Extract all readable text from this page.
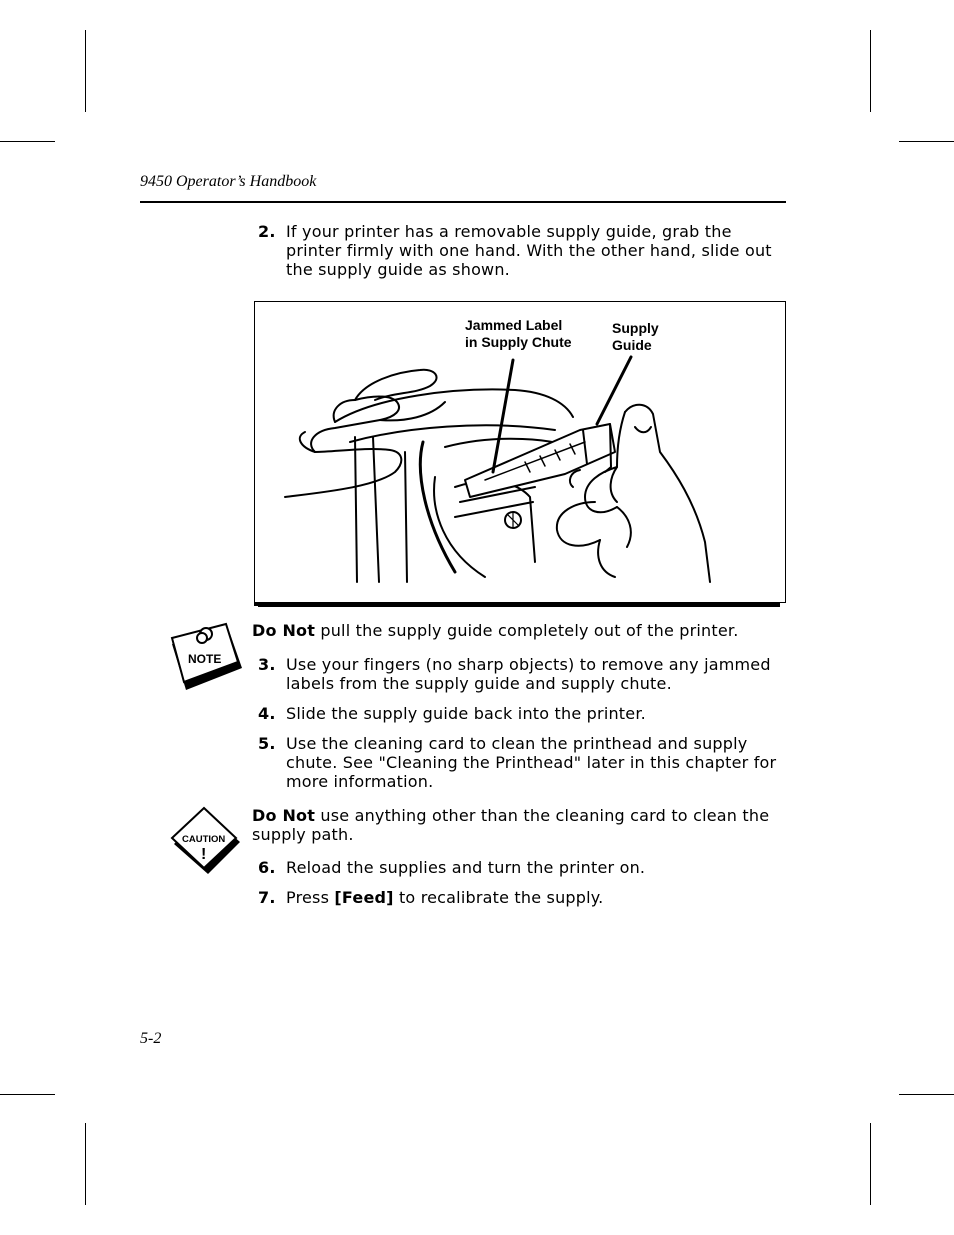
9450 Operator’s Handbook
2. If your printer has a removable supply guide, grab the printer firmly with one hand. With the other hand, slide out the supply guide as shown.
Jammed Label
in Supply Chute
Supply
Guide
NOTE
Do Not pull the supply guide completely out of the printer.
3. Use your fingers (no sharp objects) to remove any jammed labels from the supply guide and supply chute.
4. Slide the supply guide back into the printer.
5. Use the cleaning card to clean the printhead and supply chute. See "Cleaning the Printhead" later in this chapter for more information.
CAUTION
!
Do Not use anything other than the cleaning card to clean the supply path.
6. Reload the supplies and turn the printer on.
7. Press [Feed] to recalibrate the supply.
5-2
